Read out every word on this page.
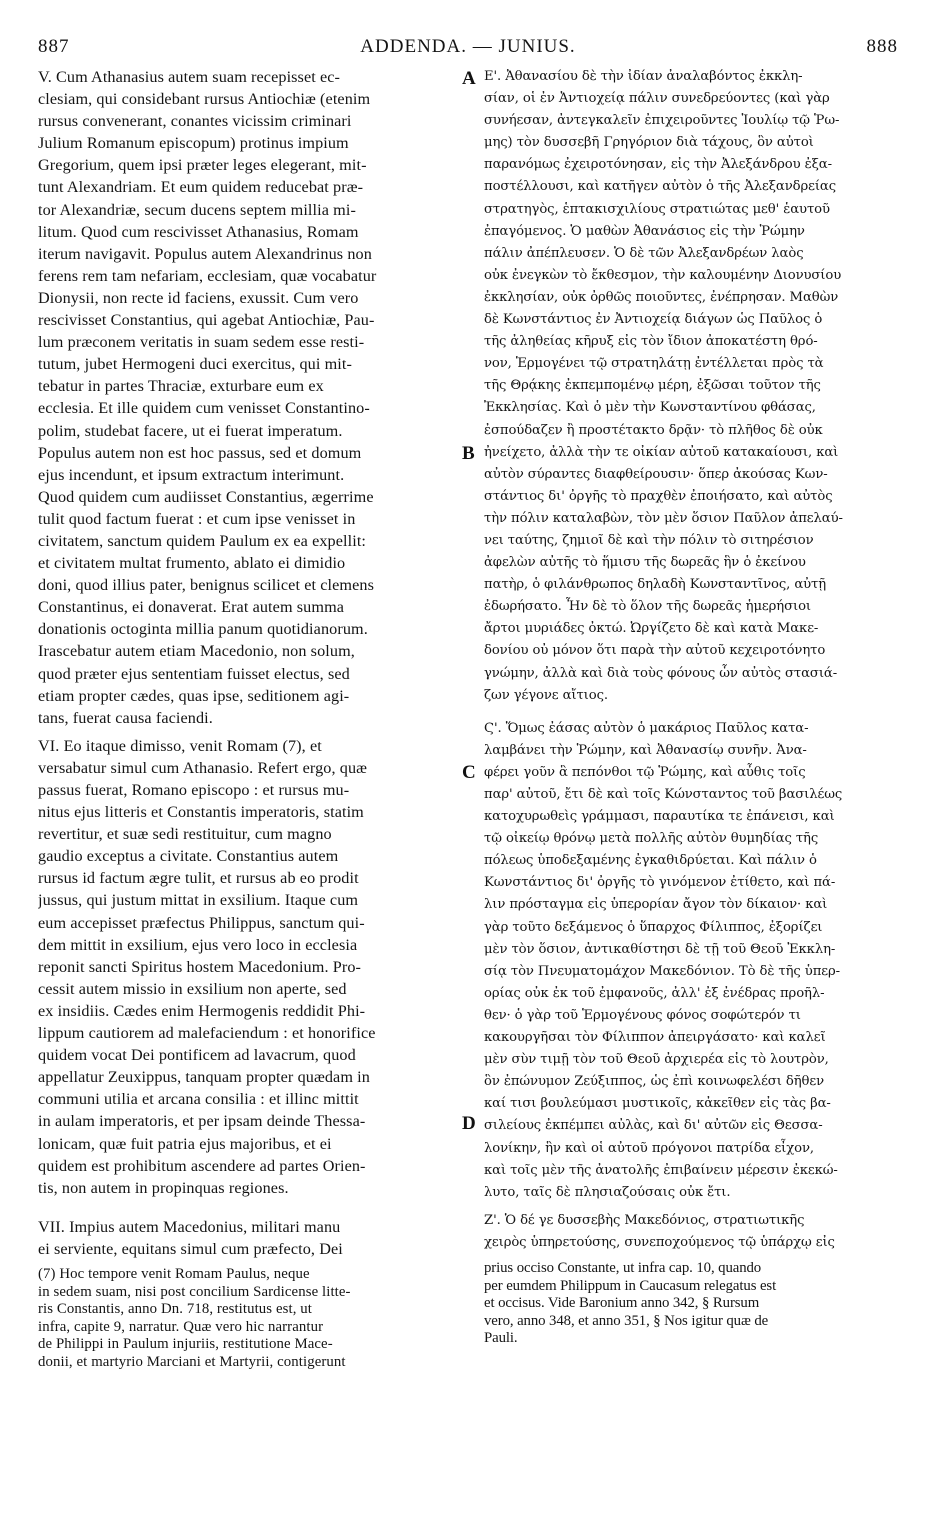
887	ADDENDA. — JUNIUS.	888
A
B
C
D
V. Cum Athanasius autem suam recepisset ec-
clesiam, qui considebant rursus Antiochiæ (etenim
rursus convenerant, conantes vicissim criminari
Julium Romanum episcopum) protinus impium
Gregorium, quem ipsi præter leges elegerant, mit-
tunt Alexandriam. Et eum quidem reducebat præ-
tor Alexandriæ, secum ducens septem millia mi-
litum. Quod cum rescivisset Athanasius, Romam
iterum navigavit. Populus autem Alexandrinus non
ferens rem tam nefariam, ecclesiam, quæ vocabatur
Dionysii, non recte id faciens, exussit. Cum vero
rescivisset Constantius, qui agebat Antiochiæ, Pau-
lum præconem veritatis in suam sedem esse resti-
tutum, jubet Hermogeni duci exercitus, qui mit-
tebatur in partes Thraciæ, exturbare eum ex
ecclesia. Et ille quidem cum venisset Constantino-
polim, studebat facere, ut ei fuerat imperatum.
Populus autem non est hoc passus, sed et domum
ejus incendunt, et ipsum extractum interimunt.
Quod quidem cum audiisset Constantius, ægerrime
tulit quod factum fuerat : et cum ipse venisset in
civitatem, sanctum quidem Paulum ex ea expellit:
et civitatem multat frumento, ablato ei dimidio
doni, quod illius pater, benignus scilicet et clemens
Constantinus, ei donaverat. Erat autem summa
donationis octoginta millia panum quotidianorum.
Irascebatur autem etiam Macedonio, non solum,
quod præter ejus sententiam fuisset electus, sed
etiam propter cædes, quas ipse, seditionem agi-
tans, fuerat causa faciendi.
VI. Eo itaque dimisso, venit Romam (7), et
versabatur simul cum Athanasio. Refert ergo, quæ
passus fuerat, Romano episcopo : et rursus mu-
nitus ejus litteris et Constantis imperatoris, statim
revertitur, et suæ sedi restituitur, cum magno
gaudio exceptus a civitate. Constantius autem
rursus id factum ægre tulit, et rursus ab eo prodit
jussus, qui justum mittat in exsilium. Itaque cum
eum accepisset præfectus Philippus, sanctum qui-
dem mittit in exsilium, ejus vero loco in ecclesia
reponit sancti Spiritus hostem Macedonium. Pro-
cessit autem missio in exsilium non aperte, sed
ex insidiis. Cædes enim Hermogenis reddidit Phi-
lippum cautiorem ad malefaciendum : et honorifice
quidem vocat Dei pontificem ad lavacrum, quod
appellatur Zeuxippus, tanquam propter quædam in
communi utilia et arcana consilia : et illinc mittit
in aulam imperatoris, et per ipsam deinde Thessa-
lonicam, quæ fuit patria ejus majoribus, et ei
quidem est prohibitum ascendere ad partes Orien-
tis, non autem in propinquas regiones.
VII. Impius autem Macedonius, militari manu
ei serviente, equitans simul cum præfecto, Dei
(7) Hoc tempore venit Romam Paulus, neque
in sedem suam, nisi post concilium Sardicense litte-
ris Constantis, anno Dn. 718, restitutus est, ut
infra, capite 9, narratur. Quæ vero hic narrantur
de Philippi in Paulum injuriis, restitutione Mace-
donii, et martyrio Marciani et Martyrii, contigerunt
Ε'. Ἀθανασίου δὲ τὴν ἰδίαν ἀναλαβόντος ἐκκλη-
σίαν, οἱ ἐν Ἀντιοχείᾳ πάλιν συνεδρεύοντες (καὶ γὰρ
συνήεσαν, ἀντεγκαλεῖν ἐπιχειροῦντες Ἰουλίῳ τῷ Ῥω-
μης) τὸν δυσσεβῆ Γρηγόριον διὰ τάχους, ὃν αὐτοὶ
παρανόμως ἐχειροτόνησαν, εἰς τὴν Ἀλεξάνδρου ἐξα-
ποστέλλουσι, καὶ κατῆγεν αὐτὸν ὁ τῆς Ἀλεξανδρείας
στρατηγὸς, ἑπτακισχιλίους στρατιώτας μεθ' ἑαυτοῦ
ἐπαγόμενος. Ὁ μαθὼν Ἀθανάσιος εἰς τὴν Ῥώμην
πάλιν ἀπέπλευσεν. Ὁ δὲ τῶν Ἀλεξανδρέων λαὸς
οὐκ ἐνεγκὼν τὸ ἔκθεσμον, τὴν καλουμένην Διονυσίου
ἐκκλησίαν, οὐκ ὀρθῶς ποιοῦντες, ἐνέπρησαν. Μαθὼν
δὲ Κωνστάντιος ἐν Ἀντιοχείᾳ διάγων ὡς Παῦλος ὁ
τῆς ἀληθείας κῆρυξ εἰς τὸν ἴδιον ἀποκατέστη θρό-
νον, Ἑρμογένει τῷ στρατηλάτῃ ἐντέλλεται πρὸς τὰ
τῆς Θρᾴκης ἐκπεμπομένῳ μέρη, ἐξῶσαι τοῦτον τῆς
Ἐκκλησίας. Καὶ ὁ μὲν τὴν Κωνσταντίνου φθάσας,
ἐσπούδαζεν ἢ προστέτακτο δρᾷν· τὸ πλῆθος δὲ οὐκ
ἠνείχετο, ἀλλὰ τὴν τε οἰκίαν αὐτοῦ κατακαίουσι, καὶ
αὐτὸν σύραντες διαφθείρουσιν· ὅπερ ἀκούσας Κων-
στάντιος δι' ὀργῆς τὸ πραχθὲν ἐποιήσατο, καὶ αὐτὸς
τὴν πόλιν καταλαβὼν, τὸν μὲν ὅσιον Παῦλον ἀπελαύ-
νει ταύτης, ζημιοῖ δὲ καὶ τὴν πόλιν τὸ σιτηρέσιον
ἀφελὼν αὐτῆς τὸ ἥμισυ τῆς δωρεᾶς ἣν ὁ ἐκείνου
πατὴρ, ὁ φιλάνθρωπος δηλαδὴ Κωνσταντῖνος, αὐτῇ
ἐδωρήσατο. Ἦν δὲ τὸ ὅλον τῆς δωρεᾶς ἡμερήσιοι
ἄρτοι μυριάδες ὀκτώ. Ὠργίζετο δὲ καὶ κατὰ Μακε-
δονίου οὐ μόνον ὅτι παρὰ τὴν αὐτοῦ κεχειροτόνητο
γνώμην, ἀλλὰ καὶ διὰ τοὺς φόνους ὧν αὐτὸς στασιά-
ζων γέγονε αἴτιος.
Ϛ'. Ὅμως ἐάσας αὐτὸν ὁ μακάριος Παῦλος κατα-
λαμβάνει τὴν Ῥώμην, καὶ Ἀθανασίῳ συνῆν. Ἀνα-
φέρει γοῦν ἃ πεπόνθοι τῷ Ῥώμης, καὶ αὖθις τοῖς
παρ' αὐτοῦ, ἔτι δὲ καὶ τοῖς Κώνσταντος τοῦ βασιλέως
κατοχυρωθεὶς γράμμασι, παραυτίκα τε ἐπάνεισι, καὶ
τῷ οἰκείῳ θρόνῳ μετὰ πολλῆς αὐτὸν θυμηδίας τῆς
πόλεως ὑποδεξαμένης ἐγκαθιδρύεται. Καὶ πάλιν ὁ
Κωνστάντιος δι' ὀργῆς τὸ γινόμενον ἐτίθετο, καὶ πά-
λιν πρόσταγμα εἰς ὑπερορίαν ἄγον τὸν δίκαιον· καὶ
γὰρ τοῦτο δεξάμενος ὁ ὕπαρχος Φίλιππος, ἐξορίζει
μὲν τὸν ὅσιον, ἀντικαθίστησι δὲ τῇ τοῦ Θεοῦ Ἐκκλη-
σίᾳ τὸν Πνευματομάχον Μακεδόνιον. Τὸ δὲ τῆς ὑπερ-
ορίας οὐκ ἐκ τοῦ ἐμφανοῦς, ἀλλ' ἐξ ἐνέδρας προῆλ-
θεν· ὁ γὰρ τοῦ Ἑρμογένους φόνος σοφώτερόν τι
κακουργῆσαι τὸν Φίλιππον ἀπειργάσατο· καὶ καλεῖ
μὲν σὺν τιμῇ τὸν τοῦ Θεοῦ ἀρχιερέα εἰς τὸ λουτρὸν,
ὃν ἐπώνυμον Ζεύξιππος, ὡς ἐπὶ κοινωφελέσι δῆθεν
καί τισι βουλεύμασι μυστικοῖς, κἀκεῖθεν εἰς τὰς βα-
σιλείους ἐκπέμπει αὐλὰς, καὶ δι' αὐτῶν εἰς Θεσσα-
λονίκην, ἣν καὶ οἱ αὐτοῦ πρόγονοι πατρίδα εἶχον,
καὶ τοῖς μὲν τῆς ἀνατολῆς ἐπιβαίνειν μέρεσιν ἐκεκώ-
λυτο, ταῖς δὲ πλησιαζούσαις οὐκ ἔτι.
Ζ'. Ὁ δέ γε δυσσεβὴς Μακεδόνιος, στρατιωτικῆς
χειρὸς ὑπηρετούσης, συνεποχούμενος τῷ ὑπάρχῳ εἰς
prius occiso Constante, ut infra cap. 10, quando
per eumdem Philippum in Caucasum relegatus est
et occisus. Vide Baronium anno 342, § Rursum
vero, anno 348, et anno 351, § Nos igitur quæ de
Pauli.
